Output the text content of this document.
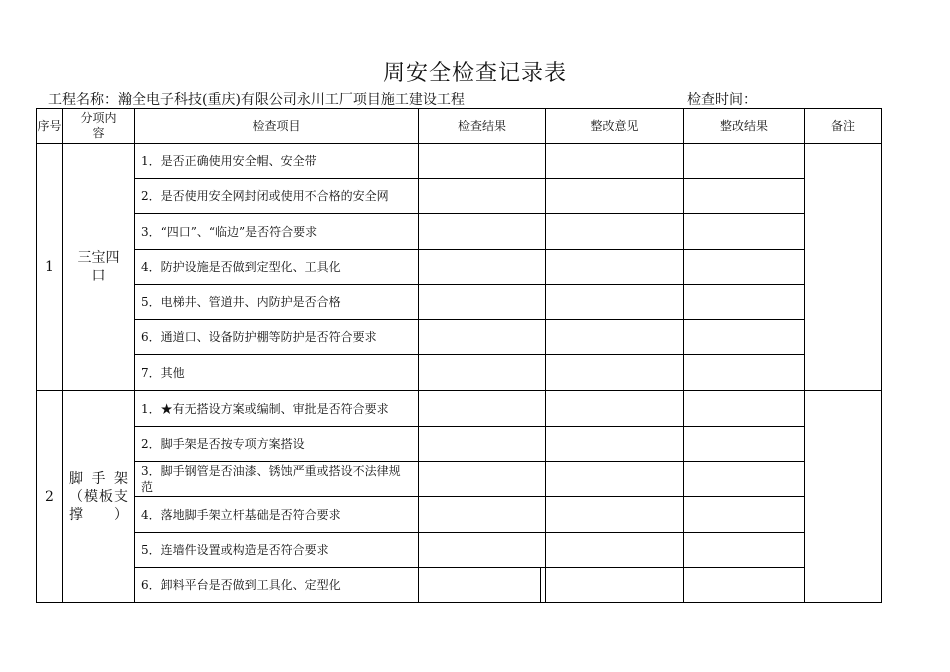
周安全检查记录表
工程名称：瀚全电子科技(重庆)有限公司永川工厂项目施工建设工程	检查时间：
序号	分项内容	检查项目	检查结果	整改意见	整改结果	备注
1	三宝四口	1．是否正确使用安全帽、安全带				
		2．是否使用安全网封闭或使用不合格的安全网				
		3．“四口”、“临边”是否符合要求				
		4．防护设施是否做到定型化、工具化				
		5．电梯井、管道井、内防护是否合格				
		6．通道口、设备防护棚等防护是否符合要求				
		7．其他				
2	脚手架（模板支撑）	1．★有无搭设方案或编制、审批是否符合要求				
		2．脚手架是否按专项方案搭设				
		3．脚手钢管是否油漆、锈蚀严重或搭设不法律规范				
		4．落地脚手架立杆基础是否符合要求				
		5．连墙件设置或构造是否符合要求				
		6．卸料平台是否做到工具化、定型化				
